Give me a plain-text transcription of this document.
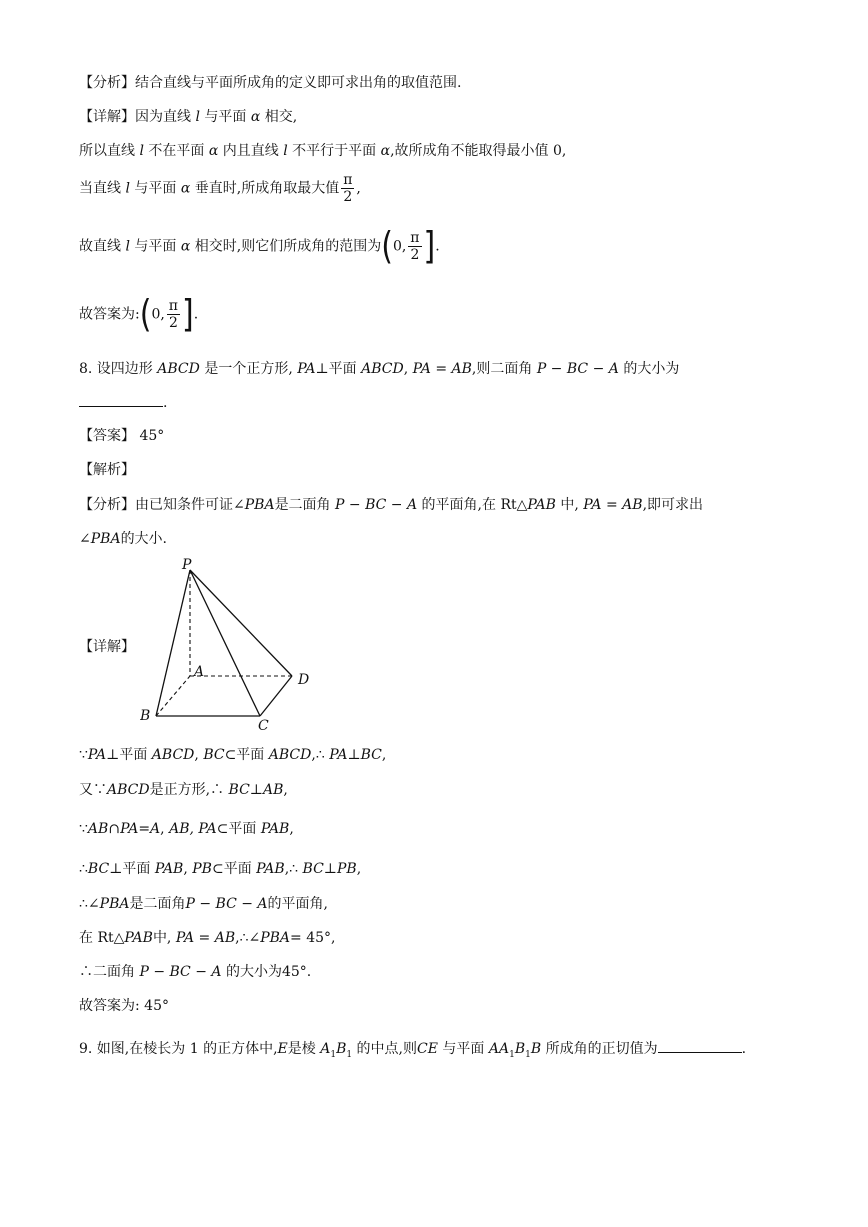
【分析】结合直线与平面所成角的定义即可求出角的取值范围.
【详解】因为直线 l 与平面 α 相交,
所以直线 l 不在平面 α 内且直线 l 不平行于平面 α,故所成角不能取得最小值 0,
当直线 l 与平面 α 垂直时,所成角取最大值 $\frac{\pi}{2}$ ,
故直线 l 与平面 α 相交时,则它们所成角的范围为(0, $\frac{\pi}{2}$ ].
故答案为:(0, $\frac{\pi}{2}$ ].
8. 设四边形 ABCD 是一个正方形, PA⊥平面 ABCD, PA = AB,则二面角 P − BC − A 的大小为
.
【答案】 45°
【解析】
【分析】由已知条件可证∠PBA是二面角 P − BC − A 的平面角,在 Rt△PAB 中, PA = AB,即可求出
∠PBA的大小.
【详解】
P
A
B
C
D
∵PA⊥平面 ABCD, BC⊂平面 ABCD,∴ PA⊥BC,
又∵ABCD是正方形,∴ BC⊥AB,
∵AB∩PA=A, AB, PA⊂平面 PAB,
∴BC⊥平面 PAB, PB⊂平面 PAB,∴ BC⊥PB,
∴∠PBA是二面角P − BC − A的平面角,
在 Rt△PAB中, PA = AB,∴∠PBA= 45°,
∴二面角 P − BC − A 的大小为45°.
故答案为: 45°
9. 如图,在棱长为 1 的正方体中,E是棱 $A_1B_1$ 的中点,则CE 与平面 $AA_1B_1B$ 所成角的正切值为	.
